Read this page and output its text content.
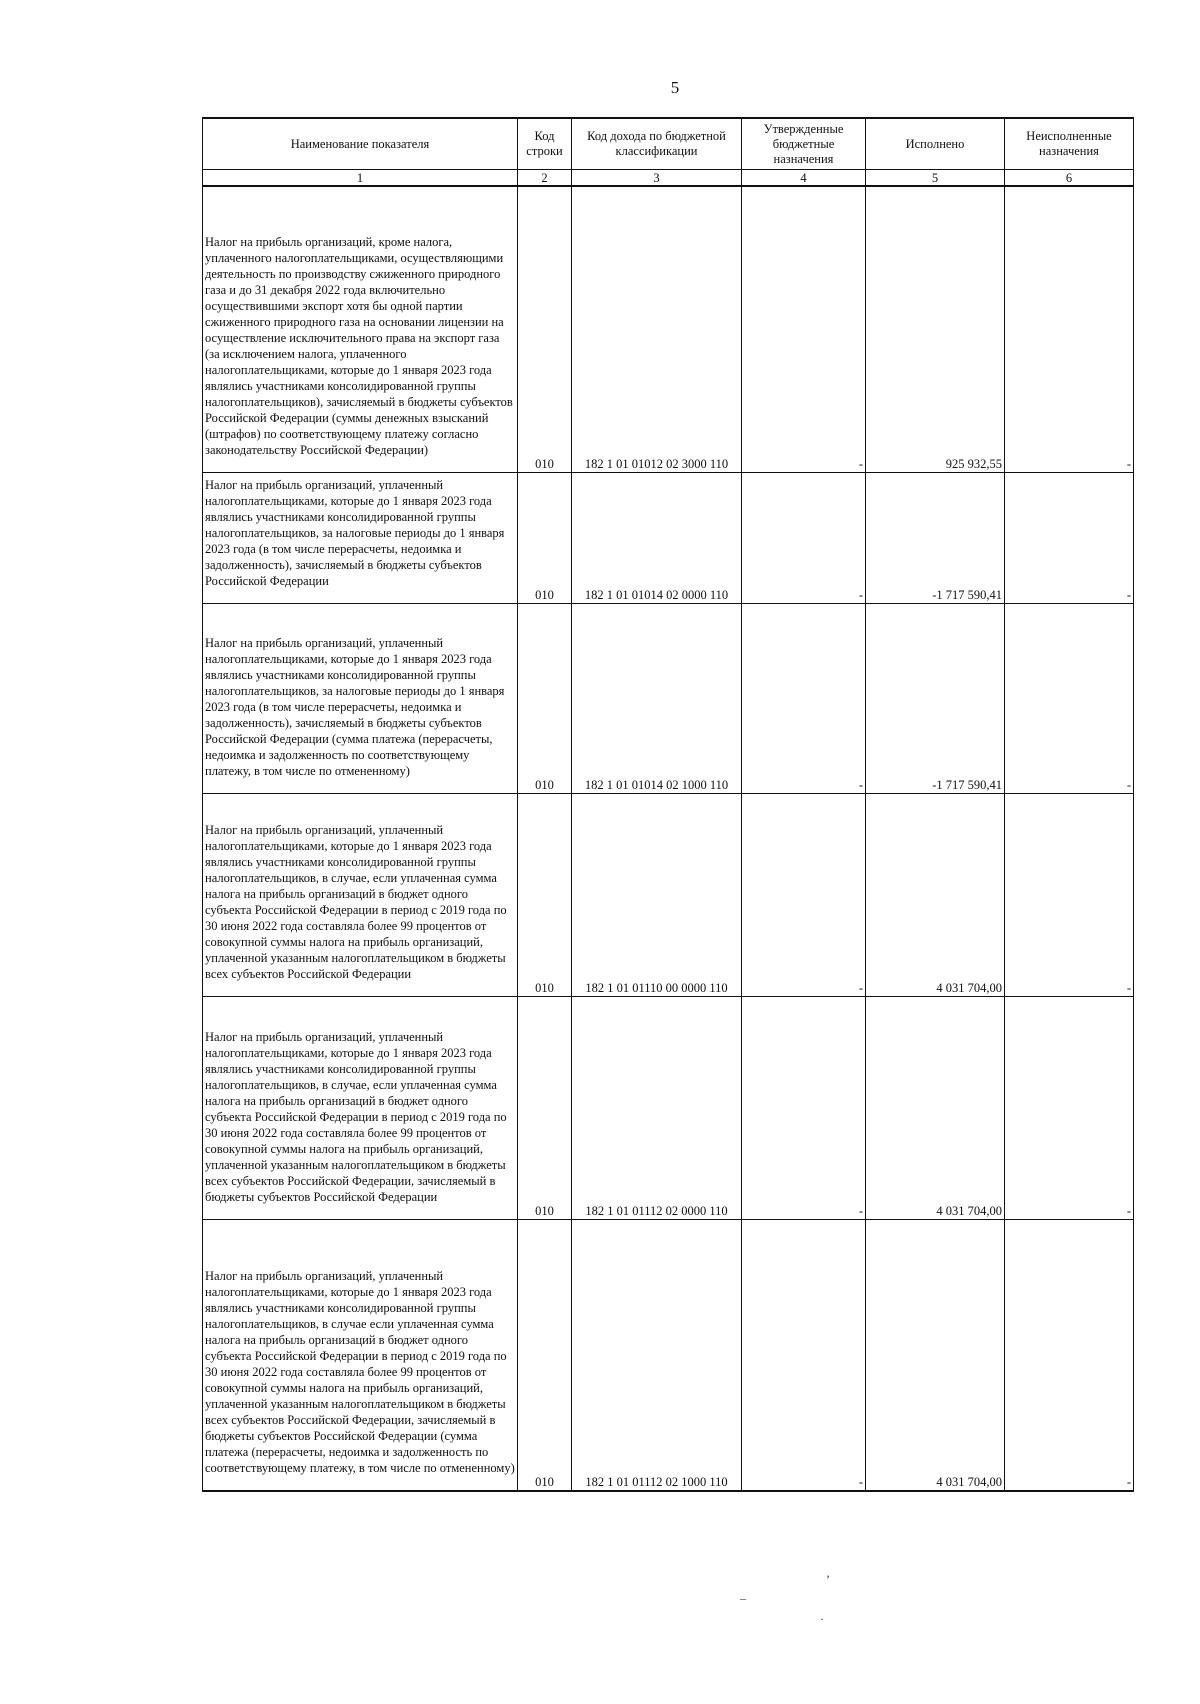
5
Наименование показателя	Код строки	Код дохода по бюджетной классификации	Утвержденные бюджетные назначения	Исполнено	Неисполненные назначения
1	2	3	4	5	6

Налог на прибыль организаций, кроме налога, уплаченного налогоплательщиками, осуществляющими деятельность по производству сжиженного природного газа и до 31 декабря 2022 года включительно осуществившими экспорт хотя бы одной партии сжиженного природного газа на основании лицензии на осуществление исключительного права на экспорт газа (за исключением налога, уплаченного налогоплательщиками, которые до 1 января 2023 года являлись участниками консолидированной группы налогоплательщиков), зачисляемый в бюджеты субъектов Российской Федерации (суммы денежных взысканий (штрафов) по соответствующему платежу согласно законодательству Российской Федерации)	010	182 1 01 01012 02 3000 110	-	925 932,55	-

Налог на прибыль организаций, уплаченный налогоплательщиками, которые до 1 января 2023 года являлись участниками консолидированной группы налогоплательщиков, за налоговые периоды до 1 января 2023 года (в том числе перерасчеты, недоимка и задолженность), зачисляемый в бюджеты субъектов Российской Федерации	010	182 1 01 01014 02 0000 110	-	-1 717 590,41	-

Налог на прибыль организаций, уплаченный налогоплательщиками, которые до 1 января 2023 года являлись участниками консолидированной группы налогоплательщиков, за налоговые периоды до 1 января 2023 года (в том числе перерасчеты, недоимка и задолженность), зачисляемый в бюджеты субъектов Российской Федерации (сумма платежа (перерасчеты, недоимка и задолженность по соответствующему платежу, в том числе по отмененному)	010	182 1 01 01014 02 1000 110	-	-1 717 590,41	-

Налог на прибыль организаций, уплаченный налогоплательщиками, которые до 1 января 2023 года являлись участниками консолидированной группы налогоплательщиков, в случае, если уплаченная сумма налога на прибыль организаций в бюджет одного субъекта Российской Федерации в период с 2019 года по 30 июня 2022 года составляла более 99 процентов от совокупной суммы налога на прибыль организаций, уплаченной указанным налогоплательщиком в бюджеты всех субъектов Российской Федерации	010	182 1 01 01110 00 0000 110	-	4 031 704,00	-

Налог на прибыль организаций, уплаченный налогоплательщиками, которые до 1 января 2023 года являлись участниками консолидированной группы налогоплательщиков, в случае, если уплаченная сумма налога на прибыль организаций в бюджет одного субъекта Российской Федерации в период с 2019 года по 30 июня 2022 года составляла более 99 процентов от совокупной суммы налога на прибыль организаций, уплаченной указанным налогоплательщиком в бюджеты всех субъектов Российской Федерации, зачисляемый в бюджеты субъектов Российской Федерации	010	182 1 01 01112 02 0000 110	-	4 031 704,00	-

Налог на прибыль организаций, уплаченный налогоплательщиками, которые до 1 января 2023 года являлись участниками консолидированной группы налогоплательщиков, в случае если уплаченная сумма налога на прибыль организаций в бюджет одного субъекта Российской Федерации в период с 2019 года по 30 июня 2022 года составляла более 99 процентов от совокупной суммы налога на прибыль организаций, уплаченной указанным налогоплательщиком в бюджеты всех субъектов Российской Федерации, зачисляемый в бюджеты субъектов Российской Федерации (сумма платежа (перерасчеты, недоимка и задолженность по соответствующему платежу, в том числе по отмененному)	010	182 1 01 01112 02 1000 110	-	4 031 704,00	-
’
–
·
